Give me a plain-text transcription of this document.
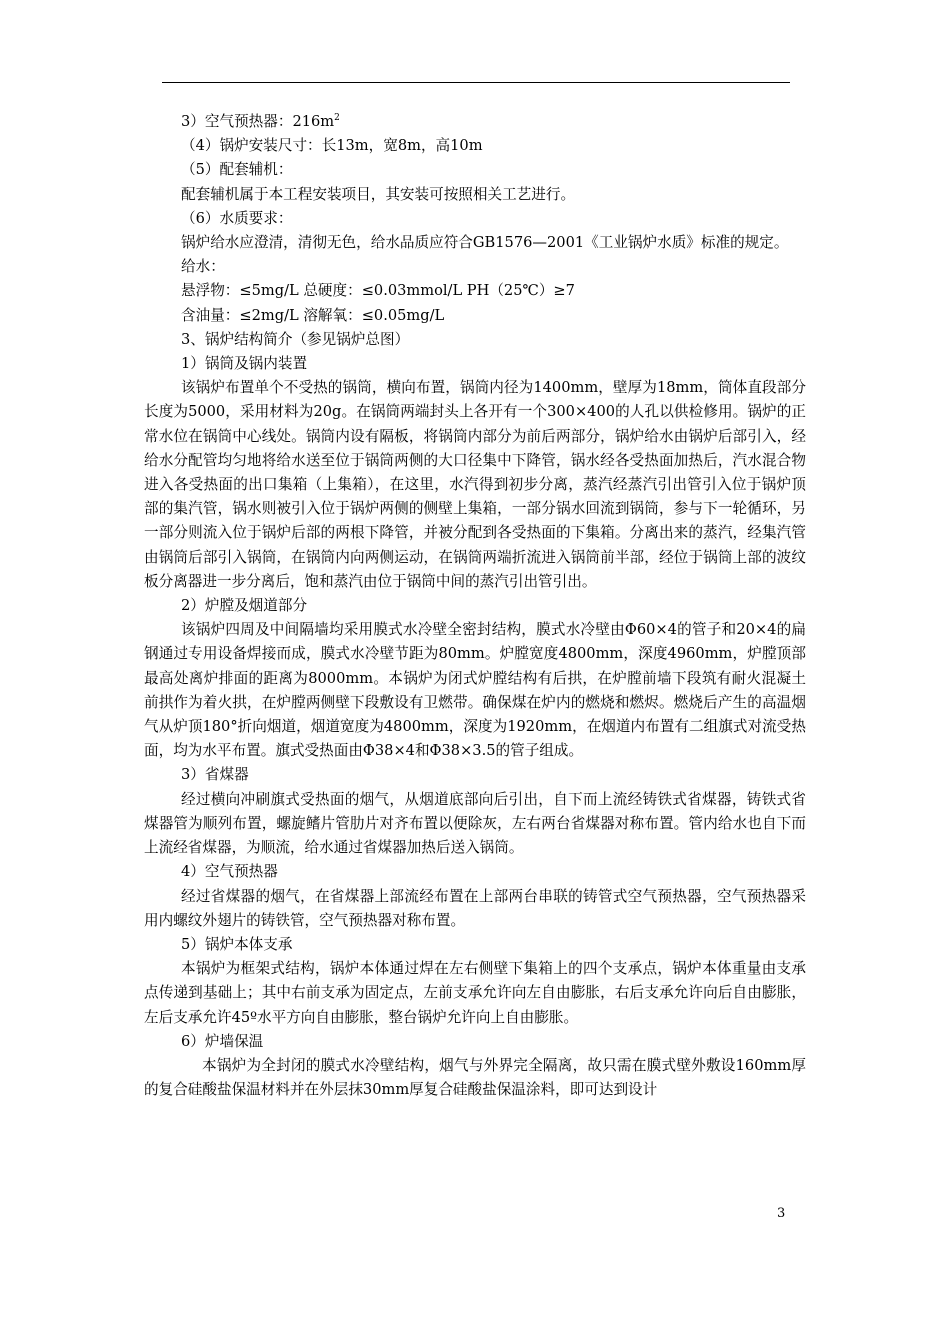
3）空气预热器：$216m^2$

（4）锅炉安装尺寸：长13m，宽8m，高10m

（5）配套辅机：

配套辅机属于本工程安装项目，其安装可按照相关工艺进行。

（6）水质要求：

锅炉给水应澄清，清彻无色，给水品质应符合GB1576—2001《工业锅炉水质》标准的规定。

给水：

悬浮物：≤5mg/L 总硬度：≤0.03mmol/L PH（25℃）≥7

含油量：≤2mg/L 溶解氧：≤0.05mg/L

3、锅炉结构简介（参见锅炉总图）

1）锅筒及锅内装置

该锅炉布置单个不受热的锅筒，横向布置，锅筒内径为1400mm，壁厚为18mm，筒体直段部分长度为5000，采用材料为20g。在锅筒两端封头上各开有一个300×400的人孔以供检修用。锅炉的正常水位在锅筒中心线处。锅筒内设有隔板，将锅筒内部分为前后两部分，锅炉给水由锅炉后部引入，经给水分配管均匀地将给水送至位于锅筒两侧的大口径集中下降管，锅水经各受热面加热后，汽水混合物进入各受热面的出口集箱（上集箱），在这里，水汽得到初步分离，蒸汽经蒸汽引出管引入位于锅炉顶部的集汽管，锅水则被引入位于锅炉两侧的侧壁上集箱，一部分锅水回流到锅筒，参与下一轮循环，另一部分则流入位于锅炉后部的两根下降管，并被分配到各受热面的下集箱。分离出来的蒸汽，经集汽管由锅筒后部引入锅筒，在锅筒内向两侧运动，在锅筒两端折流进入锅筒前半部，经位于锅筒上部的波纹板分离器进一步分离后，饱和蒸汽由位于锅筒中间的蒸汽引出管引出。

2）炉膛及烟道部分

该锅炉四周及中间隔墙均采用膜式水冷壁全密封结构，膜式水冷壁由Φ60×4的管子和20×4的扁钢通过专用设备焊接而成，膜式水冷壁节距为80mm。炉膛宽度4800mm，深度4960mm，炉膛顶部最高处离炉排面的距离为8000mm。本锅炉为闭式炉膛结构有后拱，在炉膛前墙下段筑有耐火混凝土前拱作为着火拱，在炉膛两侧壁下段敷设有卫燃带。确保煤在炉内的燃烧和燃烬。燃烧后产生的高温烟气从炉顶180°折向烟道，烟道宽度为4800mm，深度为1920mm，在烟道内布置有二组旗式对流受热面，均为水平布置。旗式受热面由Φ38×4和Φ38×3.5的管子组成。

3）省煤器

经过横向冲刷旗式受热面的烟气，从烟道底部向后引出，自下而上流经铸铁式省煤器，铸铁式省煤器管为顺列布置，螺旋鳍片管肋片对齐布置以便除灰，左右两台省煤器对称布置。管内给水也自下而上流经省煤器，为顺流，给水通过省煤器加热后送入锅筒。

4）空气预热器

经过省煤器的烟气，在省煤器上部流经布置在上部两台串联的铸管式空气预热器，空气预热器采用内螺纹外翅片的铸铁管，空气预热器对称布置。

5）锅炉本体支承

本锅炉为框架式结构，锅炉本体通过焊在左右侧壁下集箱上的四个支承点，锅炉本体重量由支承点传递到基础上；其中右前支承为固定点，左前支承允许向左自由膨胀，右后支承允许向后自由膨胀，左后支承允许45º水平方向自由膨胀，整台锅炉允许向上自由膨胀。

6）炉墙保温

本锅炉为全封闭的膜式水冷壁结构，烟气与外界完全隔离，故只需在膜式壁外敷设160mm厚的复合硅酸盐保温材料并在外层抹30mm厚复合硅酸盐保温涂料，即可达到设计

3
